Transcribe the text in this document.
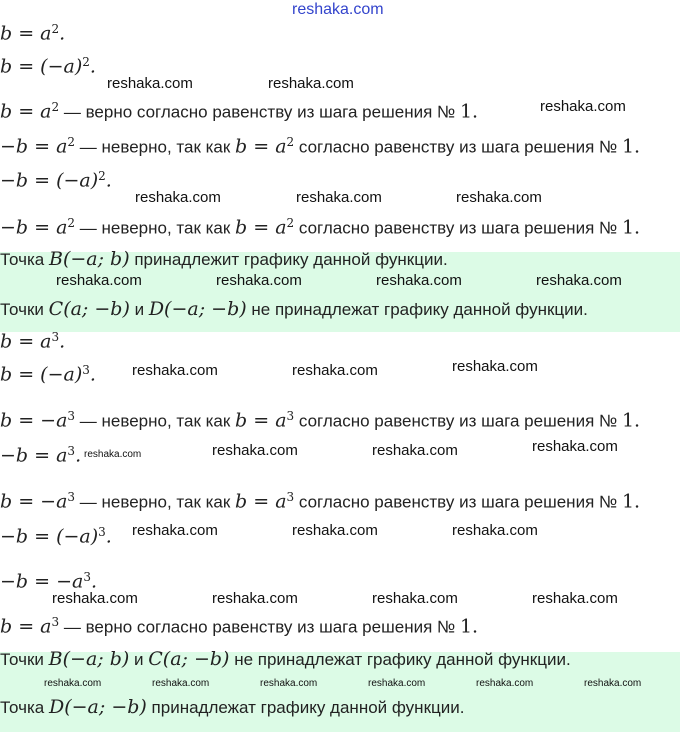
reshaka.com
$b = a^2$.
$b = (-a)^2$.
$b = a^2$ — верно согласно равенству из шага решения № 1.
$-b = a^2$ — неверно, так как $b = a^2$ согласно равенству из шага решения № 1.
$-b = (-a)^2$.
$-b = a^2$ — неверно, так как $b = a^2$ согласно равенству из шага решения № 1.
Точка B(−a; b) принадлежит графику данной функции.
Точки C(a; −b) и D(−a; −b) не принадлежат графику данной функции.
$b = a^3$.
$b = (-a)^3$.
$b = -a^3$ — неверно, так как $b = a^3$ согласно равенству из шага решения № 1.
$-b = a^3$.
$b = -a^3$ — неверно, так как $b = a^3$ согласно равенству из шага решения № 1.
$-b = (-a)^3$.
$-b = -a^3$.
$b = a^3$ — верно согласно равенству из шага решения № 1.
Точки B(−a; b) и C(a; −b) не принадлежат графику данной функции.
Точка D(−a; −b) принадлежат графику данной функции.
reshaka.com
reshaka.com
reshaka.com
reshaka.com	reshaka.com	reshaka.com
reshaka.com	reshaka.com	reshaka.com	reshaka.com
reshaka.com	reshaka.com	reshaka.com
reshaka.com	reshaka.com	reshaka.com
reshaka.com	reshaka.com	reshaka.com
reshaka.com	reshaka.com	reshaka.com	reshaka.com
reshaka.com
reshaka.com	reshaka.com	reshaka.com	reshaka.com	reshaka.com	reshaka.com
